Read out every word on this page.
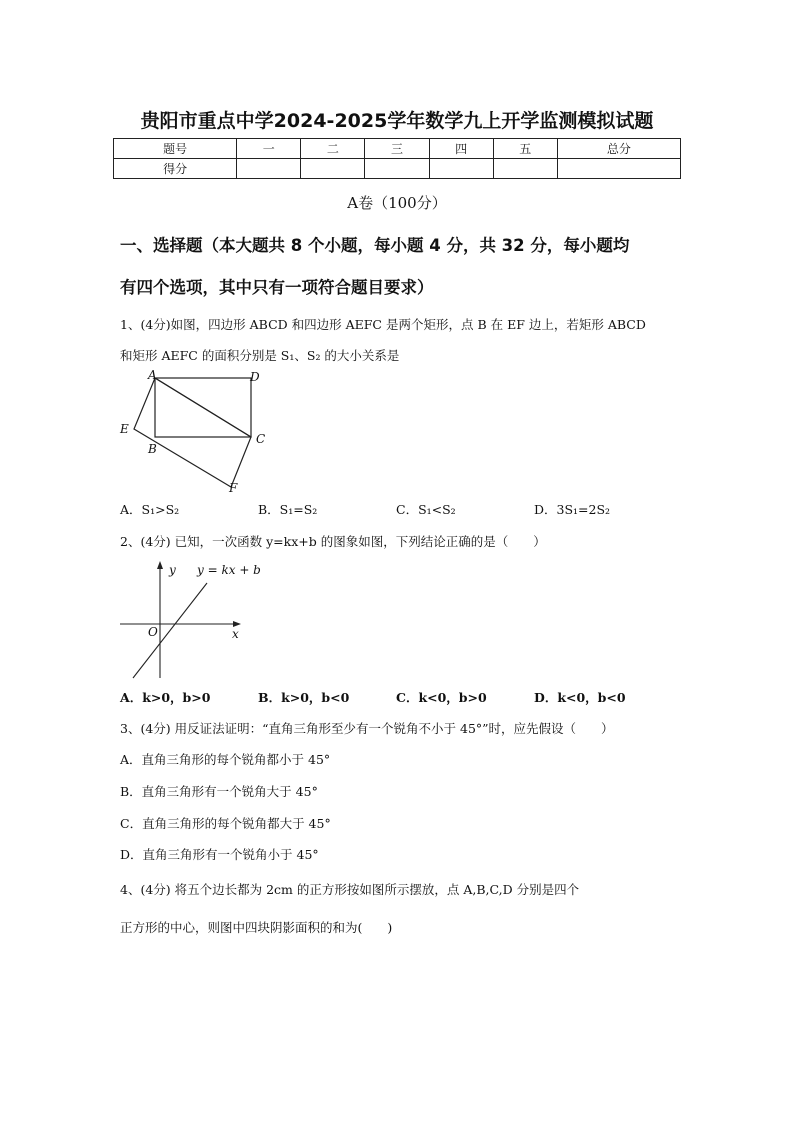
贵阳市重点中学2024-2025学年数学九上开学监测模拟试题
题号	一	二	三	四	五	总分
得分						
A卷（100分）
一、选择题（本大题共 8 个小题，每小题 4 分，共 32 分，每小题均
有四个选项，其中只有一项符合题目要求）
1、(4分)如图，四边形 ABCD 和四边形 AEFC 是两个矩形，点 B 在 EF 边上，若矩形 ABCD
和矩形 AEFC 的面积分别是 S₁、S₂ 的大小关系是
A	D
E
B
C
F
A．S₁>S₂	B．S₁=S₂	C．S₁<S₂	D．3S₁=2S₂
2、(4分) 已知，一次函数 y=kx+b 的图象如图，下列结论正确的是（　　）
y y = kx + b
O	x
A．k>0，b>0	B．k>0，b<0	C．k<0，b>0	D．k<0，b<0
3、(4分) 用反证法证明：“直角三角形至少有一个锐角不小于 45°”时，应先假设（　　）
A．直角三角形的每个锐角都小于 45°
B．直角三角形有一个锐角大于 45°
C．直角三角形的每个锐角都大于 45°
D．直角三角形有一个锐角小于 45°
4、(4分) 将五个边长都为 2cm 的正方形按如图所示摆放，点 A,B,C,D 分别是四个
正方形的中心，则图中四块阴影面积的和为(　　)
